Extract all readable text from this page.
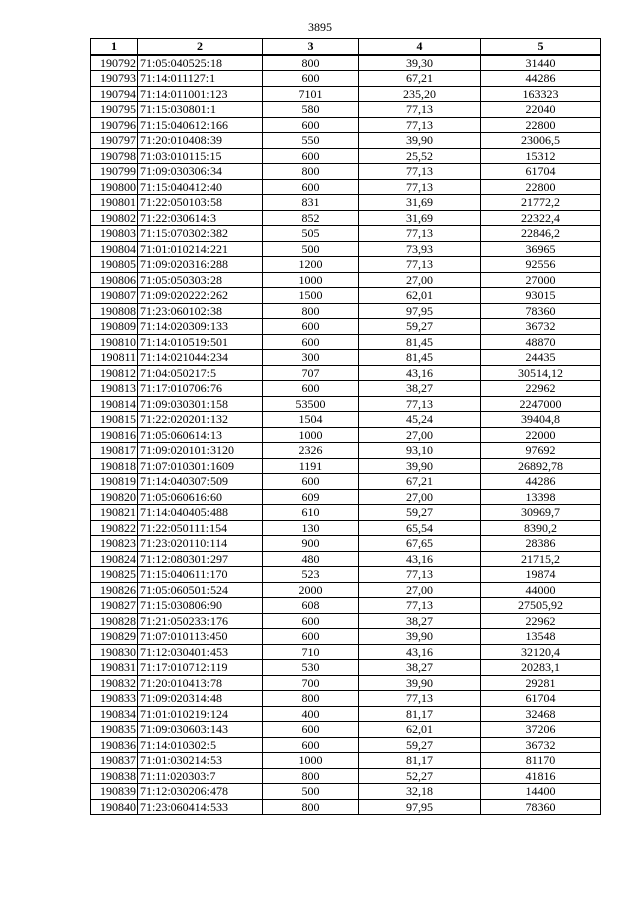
3895
1	2	3	4	5
190792	71:05:040525:18	800	39,30	31440
190793	71:14:011127:1	600	67,21	44286
190794	71:14:011001:123	7101	235,20	163323
190795	71:15:030801:1	580	77,13	22040
190796	71:15:040612:166	600	77,13	22800
190797	71:20:010408:39	550	39,90	23006,5
190798	71:03:010115:15	600	25,52	15312
190799	71:09:030306:34	800	77,13	61704
190800	71:15:040412:40	600	77,13	22800
190801	71:22:050103:58	831	31,69	21772,2
190802	71:22:030614:3	852	31,69	22322,4
190803	71:15:070302:382	505	77,13	22846,2
190804	71:01:010214:221	500	73,93	36965
190805	71:09:020316:288	1200	77,13	92556
190806	71:05:050303:28	1000	27,00	27000
190807	71:09:020222:262	1500	62,01	93015
190808	71:23:060102:38	800	97,95	78360
190809	71:14:020309:133	600	59,27	36732
190810	71:14:010519:501	600	81,45	48870
190811	71:14:021044:234	300	81,45	24435
190812	71:04:050217:5	707	43,16	30514,12
190813	71:17:010706:76	600	38,27	22962
190814	71:09:030301:158	53500	77,13	2247000
190815	71:22:020201:132	1504	45,24	39404,8
190816	71:05:060614:13	1000	27,00	22000
190817	71:09:020101:3120	2326	93,10	97692
190818	71:07:010301:1609	1191	39,90	26892,78
190819	71:14:040307:509	600	67,21	44286
190820	71:05:060616:60	609	27,00	13398
190821	71:14:040405:488	610	59,27	30969,7
190822	71:22:050111:154	130	65,54	8390,2
190823	71:23:020110:114	900	67,65	28386
190824	71:12:080301:297	480	43,16	21715,2
190825	71:15:040611:170	523	77,13	19874
190826	71:05:060501:524	2000	27,00	44000
190827	71:15:030806:90	608	77,13	27505,92
190828	71:21:050233:176	600	38,27	22962
190829	71:07:010113:450	600	39,90	13548
190830	71:12:030401:453	710	43,16	32120,4
190831	71:17:010712:119	530	38,27	20283,1
190832	71:20:010413:78	700	39,90	29281
190833	71:09:020314:48	800	77,13	61704
190834	71:01:010219:124	400	81,17	32468
190835	71:09:030603:143	600	62,01	37206
190836	71:14:010302:5	600	59,27	36732
190837	71:01:030214:53	1000	81,17	81170
190838	71:11:020303:7	800	52,27	41816
190839	71:12:030206:478	500	32,18	14400
190840	71:23:060414:533	800	97,95	78360
